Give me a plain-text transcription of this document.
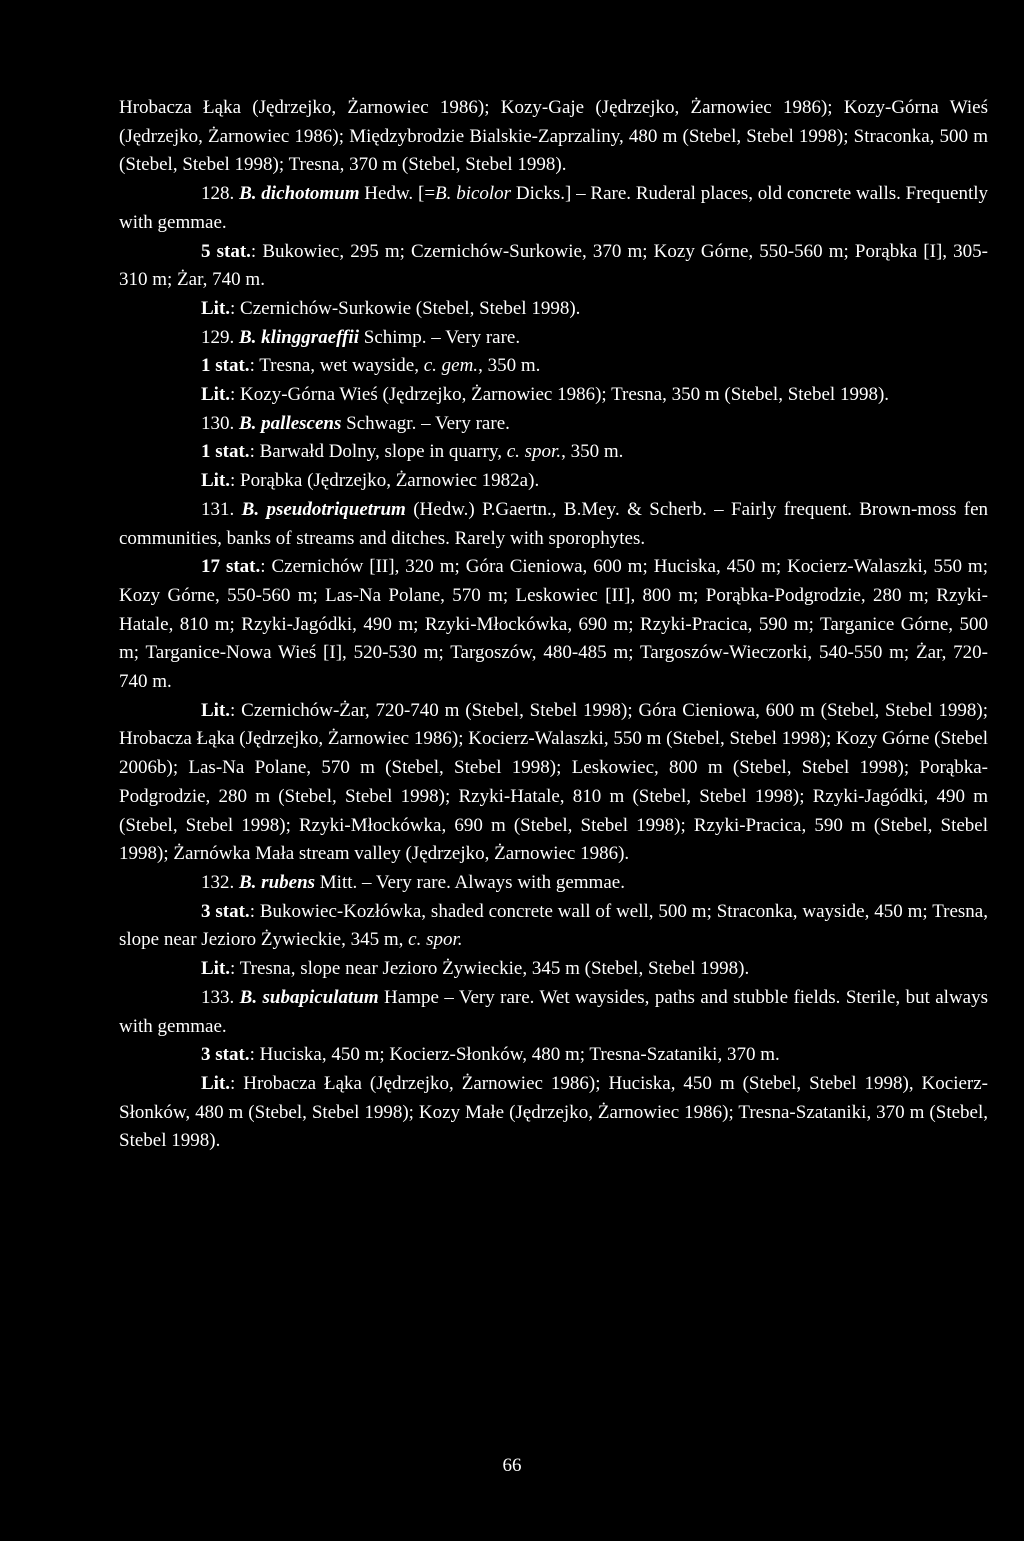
Hrobacza Łąka (Jędrzejko, Żarnowiec 1986); Kozy-Gaje (Jędrzejko, Żarnowiec 1986); Kozy-Górna Wieś (Jędrzejko, Żarnowiec 1986); Międzybrodzie Bialskie-Zaprzaliny, 480 m (Stebel, Stebel 1998); Straconka, 500 m (Stebel, Stebel 1998); Tresna, 370 m (Stebel, Stebel 1998).

128. B. dichotomum Hedw. [=B. bicolor Dicks.] – Rare. Ruderal places, old concrete walls. Frequently with gemmae.

5 stat.: Bukowiec, 295 m; Czernichów-Surkowie, 370 m; Kozy Górne, 550-560 m; Porąbka [I], 305-310 m; Żar, 740 m.

Lit.: Czernichów-Surkowie (Stebel, Stebel 1998).

129. B. klinggraeffii Schimp. – Very rare.

1 stat.: Tresna, wet wayside, c. gem., 350 m.

Lit.: Kozy-Górna Wieś (Jędrzejko, Żarnowiec 1986); Tresna, 350 m (Stebel, Stebel 1998).

130. B. pallescens Schwagr. – Very rare.

1 stat.: Barwałd Dolny, slope in quarry, c. spor., 350 m.

Lit.: Porąbka (Jędrzejko, Żarnowiec 1982a).

131. B. pseudotriquetrum (Hedw.) P.Gaertn., B.Mey. & Scherb. – Fairly frequent. Brown-moss fen communities, banks of streams and ditches. Rarely with sporophytes.

17 stat.: Czernichów [II], 320 m; Góra Cieniowa, 600 m; Huciska, 450 m; Kocierz-Walaszki, 550 m; Kozy Górne, 550-560 m; Las-Na Polane, 570 m; Leskowiec [II], 800 m; Porąbka-Podgrodzie, 280 m; Rzyki-Hatale, 810 m; Rzyki-Jagódki, 490 m; Rzyki-Młockówka, 690 m; Rzyki-Pracica, 590 m; Targanice Górne, 500 m; Targanice-Nowa Wieś [I], 520-530 m; Targoszów, 480-485 m; Targoszów-Wieczorki, 540-550 m; Żar, 720-740 m.

Lit.: Czernichów-Żar, 720-740 m (Stebel, Stebel 1998); Góra Cieniowa, 600 m (Stebel, Stebel 1998); Hrobacza Łąka (Jędrzejko, Żarnowiec 1986); Kocierz-Walaszki, 550 m (Stebel, Stebel 1998); Kozy Górne (Stebel 2006b); Las-Na Polane, 570 m (Stebel, Stebel 1998); Leskowiec, 800 m (Stebel, Stebel 1998); Porąbka-Podgrodzie, 280 m (Stebel, Stebel 1998); Rzyki-Hatale, 810 m (Stebel, Stebel 1998); Rzyki-Jagódki, 490 m (Stebel, Stebel 1998); Rzyki-Młockówka, 690 m (Stebel, Stebel 1998); Rzyki-Pracica, 590 m (Stebel, Stebel 1998); Żarnówka Mała stream valley (Jędrzejko, Żarnowiec 1986).

132. B. rubens Mitt. – Very rare. Always with gemmae.

3 stat.: Bukowiec-Kozłówka, shaded concrete wall of well, 500 m; Straconka, wayside, 450 m; Tresna, slope near Jezioro Żywieckie, 345 m, c. spor.

Lit.: Tresna, slope near Jezioro Żywieckie, 345 m (Stebel, Stebel 1998).

133. B. subapiculatum Hampe – Very rare. Wet waysides, paths and stubble fields. Sterile, but always with gemmae.

3 stat.: Huciska, 450 m; Kocierz-Słonków, 480 m; Tresna-Szataniki, 370 m.

Lit.: Hrobacza Łąka (Jędrzejko, Żarnowiec 1986); Huciska, 450 m (Stebel, Stebel 1998), Kocierz-Słonków, 480 m (Stebel, Stebel 1998); Kozy Małe (Jędrzejko, Żarnowiec 1986); Tresna-Szataniki, 370 m (Stebel, Stebel 1998).

66
